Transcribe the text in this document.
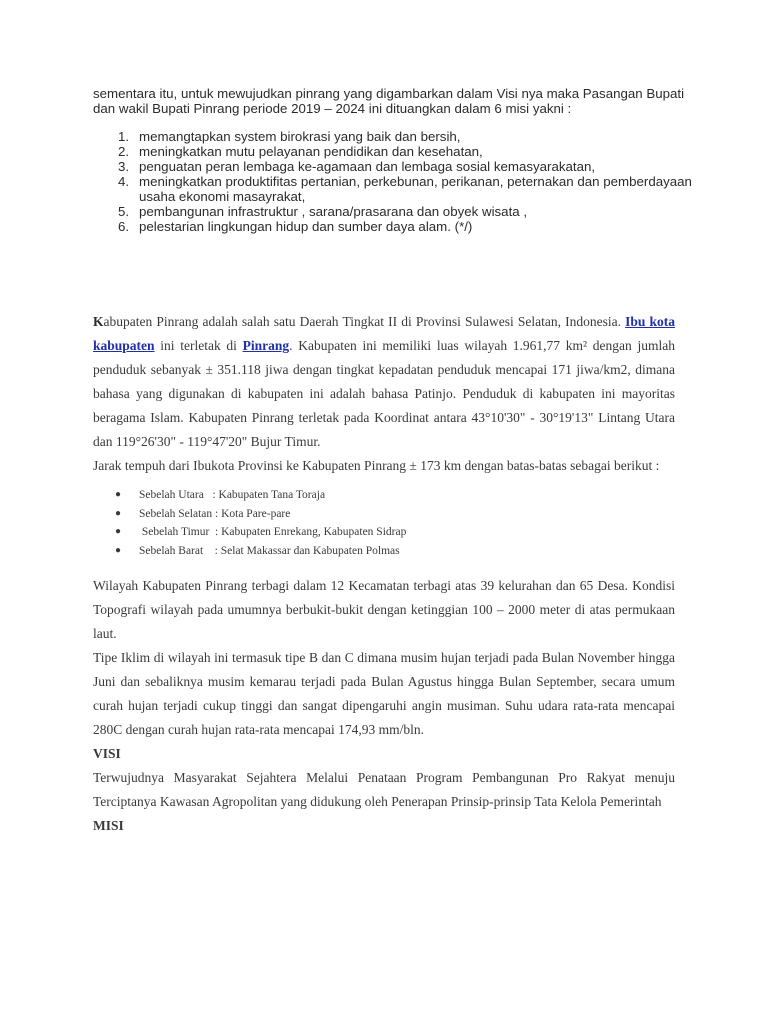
sementara itu, untuk mewujudkan pinrang yang digambarkan dalam Visi nya maka Pasangan Bupati dan wakil Bupati Pinrang periode 2019 – 2024 ini dituangkan dalam 6 misi yakni :

1. memangtapkan system birokrasi yang baik dan bersih,
2. meningkatkan mutu pelayanan pendidikan dan kesehatan,
3. penguatan peran lembaga ke-agamaan dan lembaga sosial kemasyarakatan,
4. meningkatkan produktifitas pertanian, perkebunan, perikanan, peternakan dan pemberdayaan usaha ekonomi masayrakat,
5. pembangunan infrastruktur , sarana/prasarana dan obyek wisata ,
6. pelestarian lingkungan hidup dan sumber daya alam. (*/)

Kabupaten Pinrang adalah salah satu Daerah Tingkat II di Provinsi Sulawesi Selatan, Indonesia. Ibu kota kabupaten ini terletak di Pinrang. Kabupaten ini memiliki luas wilayah 1.961,77 km² dengan jumlah penduduk sebanyak ± 351.118 jiwa dengan tingkat kepadatan penduduk mencapai 171 jiwa/km2, dimana bahasa yang digunakan di kabupaten ini adalah bahasa Patinjo. Penduduk di kabupaten ini mayoritas beragama Islam. Kabupaten Pinrang terletak pada Koordinat antara 43°10'30" - 30°19'13" Lintang Utara dan 119°26'30" - 119°47'20" Bujur Timur.

Jarak tempuh dari Ibukota Provinsi ke Kabupaten Pinrang ± 173 km dengan batas-batas sebagai berikut :

● Sebelah Utara   : Kabupaten Tana Toraja
● Sebelah Selatan : Kota Pare-pare
● Sebelah Timur  : Kabupaten Enrekang, Kabupaten Sidrap
● Sebelah Barat    : Selat Makassar dan Kabupaten Polmas

Wilayah Kabupaten Pinrang terbagi dalam 12 Kecamatan terbagi atas 39 kelurahan dan 65 Desa. Kondisi Topografi wilayah pada umumnya berbukit-bukit dengan ketinggian 100 – 2000 meter di atas permukaan laut.

Tipe Iklim di wilayah ini termasuk tipe B dan C dimana musim hujan terjadi pada Bulan November hingga Juni dan sebaliknya musim kemarau terjadi pada Bulan Agustus hingga Bulan September, secara umum curah hujan terjadi cukup tinggi dan sangat dipengaruhi angin musiman. Suhu udara rata-rata mencapai 280C dengan curah hujan rata-rata mencapai 174,93 mm/bln.

VISI

Terwujudnya Masyarakat Sejahtera Melalui Penataan Program Pembangunan Pro Rakyat menuju Terciptanya Kawasan Agropolitan yang didukung oleh Penerapan Prinsip-prinsip Tata Kelola Pemerintah

MISI
